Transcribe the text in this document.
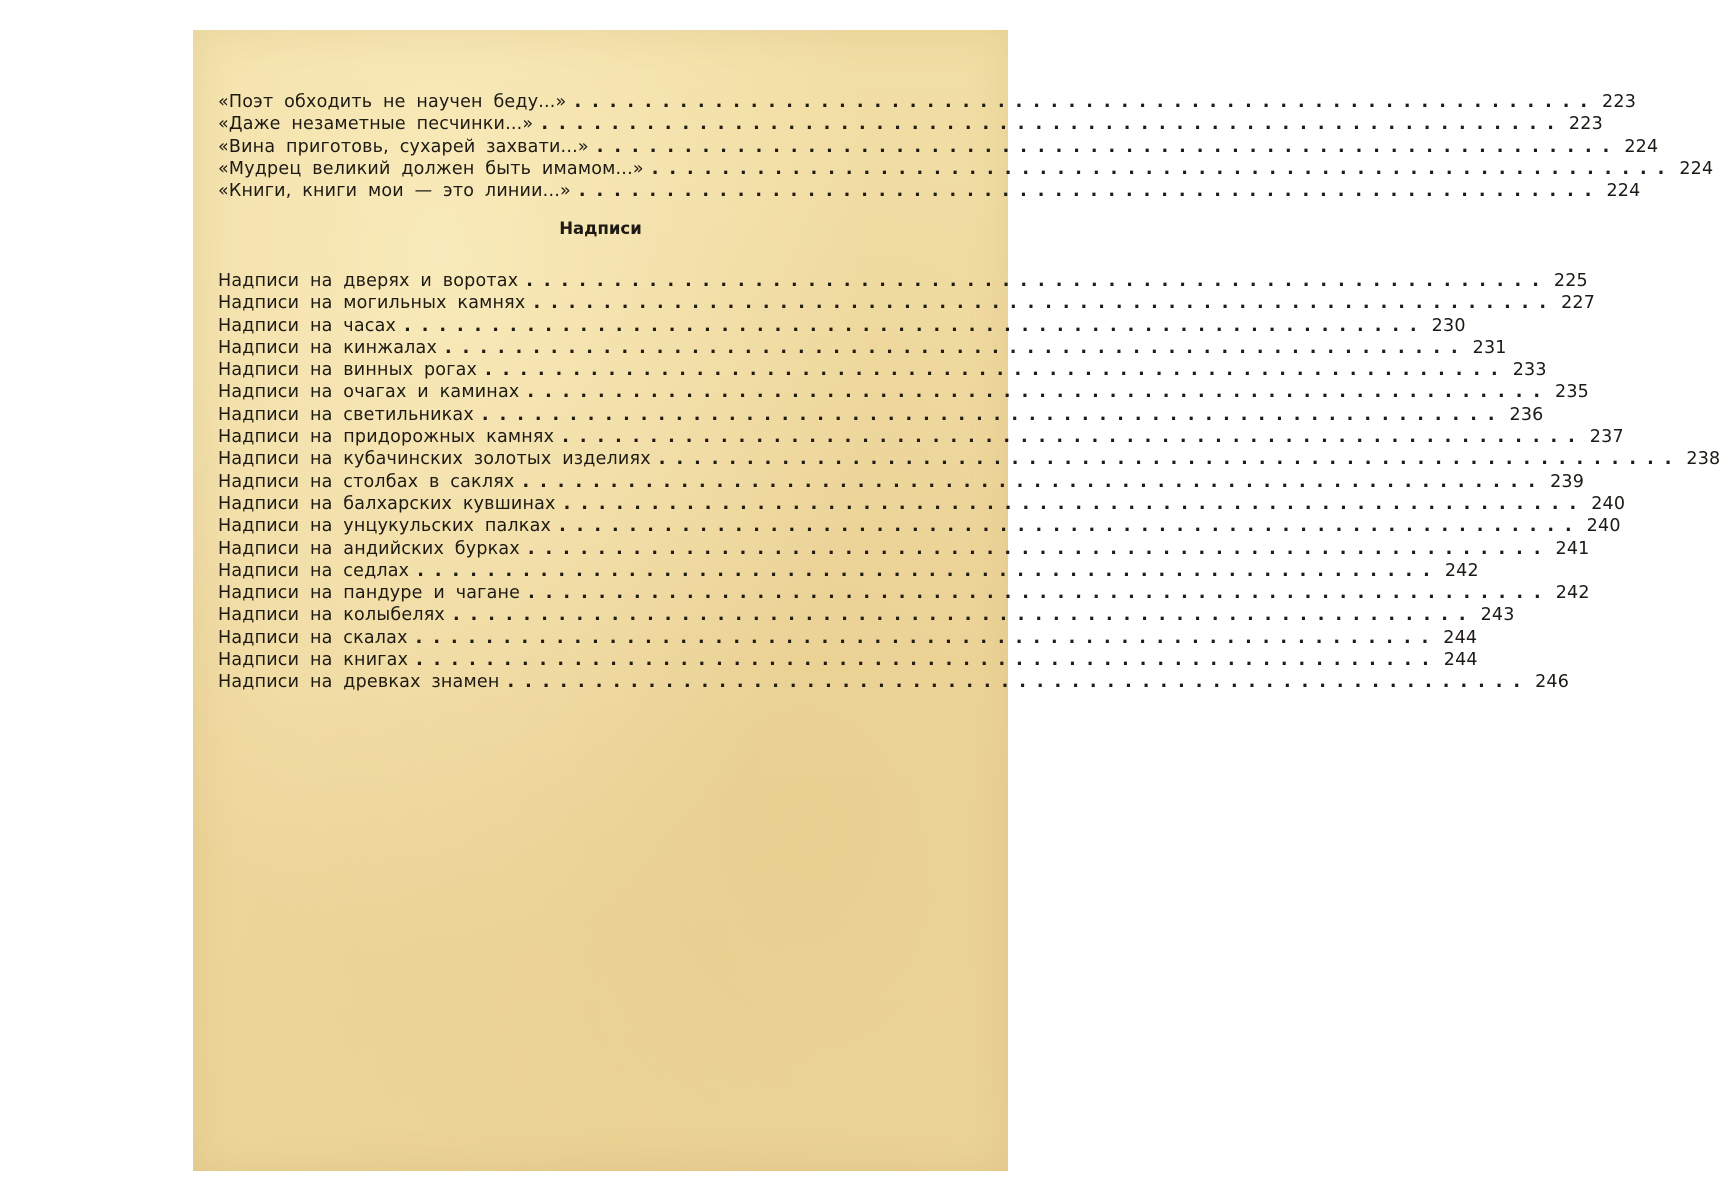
«Поэт обходить не научен беду...» .......................................................... 223
«Даже незаметные песчинки...» .......................................................... 223
«Вина приготовь, сухарей захвати...» .......................................................... 224
«Мудрец великий должен быть имамом...» .......................................................... 224
«Книги, книги мои — это линии...» .......................................................... 224
Надписи
Надписи на дверях и воротах .......................................................... 225
Надписи на могильных камнях .......................................................... 227
Надписи на часах .......................................................... 230
Надписи на кинжалах .......................................................... 231
Надписи на винных рогах .......................................................... 233
Надписи на очагах и каминах .......................................................... 235
Надписи на светильниках .......................................................... 236
Надписи на придорожных камнях .......................................................... 237
Надписи на кубачинских золотых изделиях .......................................................... 238
Надписи на столбах в саклях .......................................................... 239
Надписи на балхарских кувшинах .......................................................... 240
Надписи на унцукульских палках .......................................................... 240
Надписи на андийских бурках .......................................................... 241
Надписи на седлах .......................................................... 242
Надписи на пандуре и чагане .......................................................... 242
Надписи на колыбелях .......................................................... 243
Надписи на скалах .......................................................... 244
Надписи на книгах .......................................................... 244
Надписи на древках знамен .......................................................... 246
